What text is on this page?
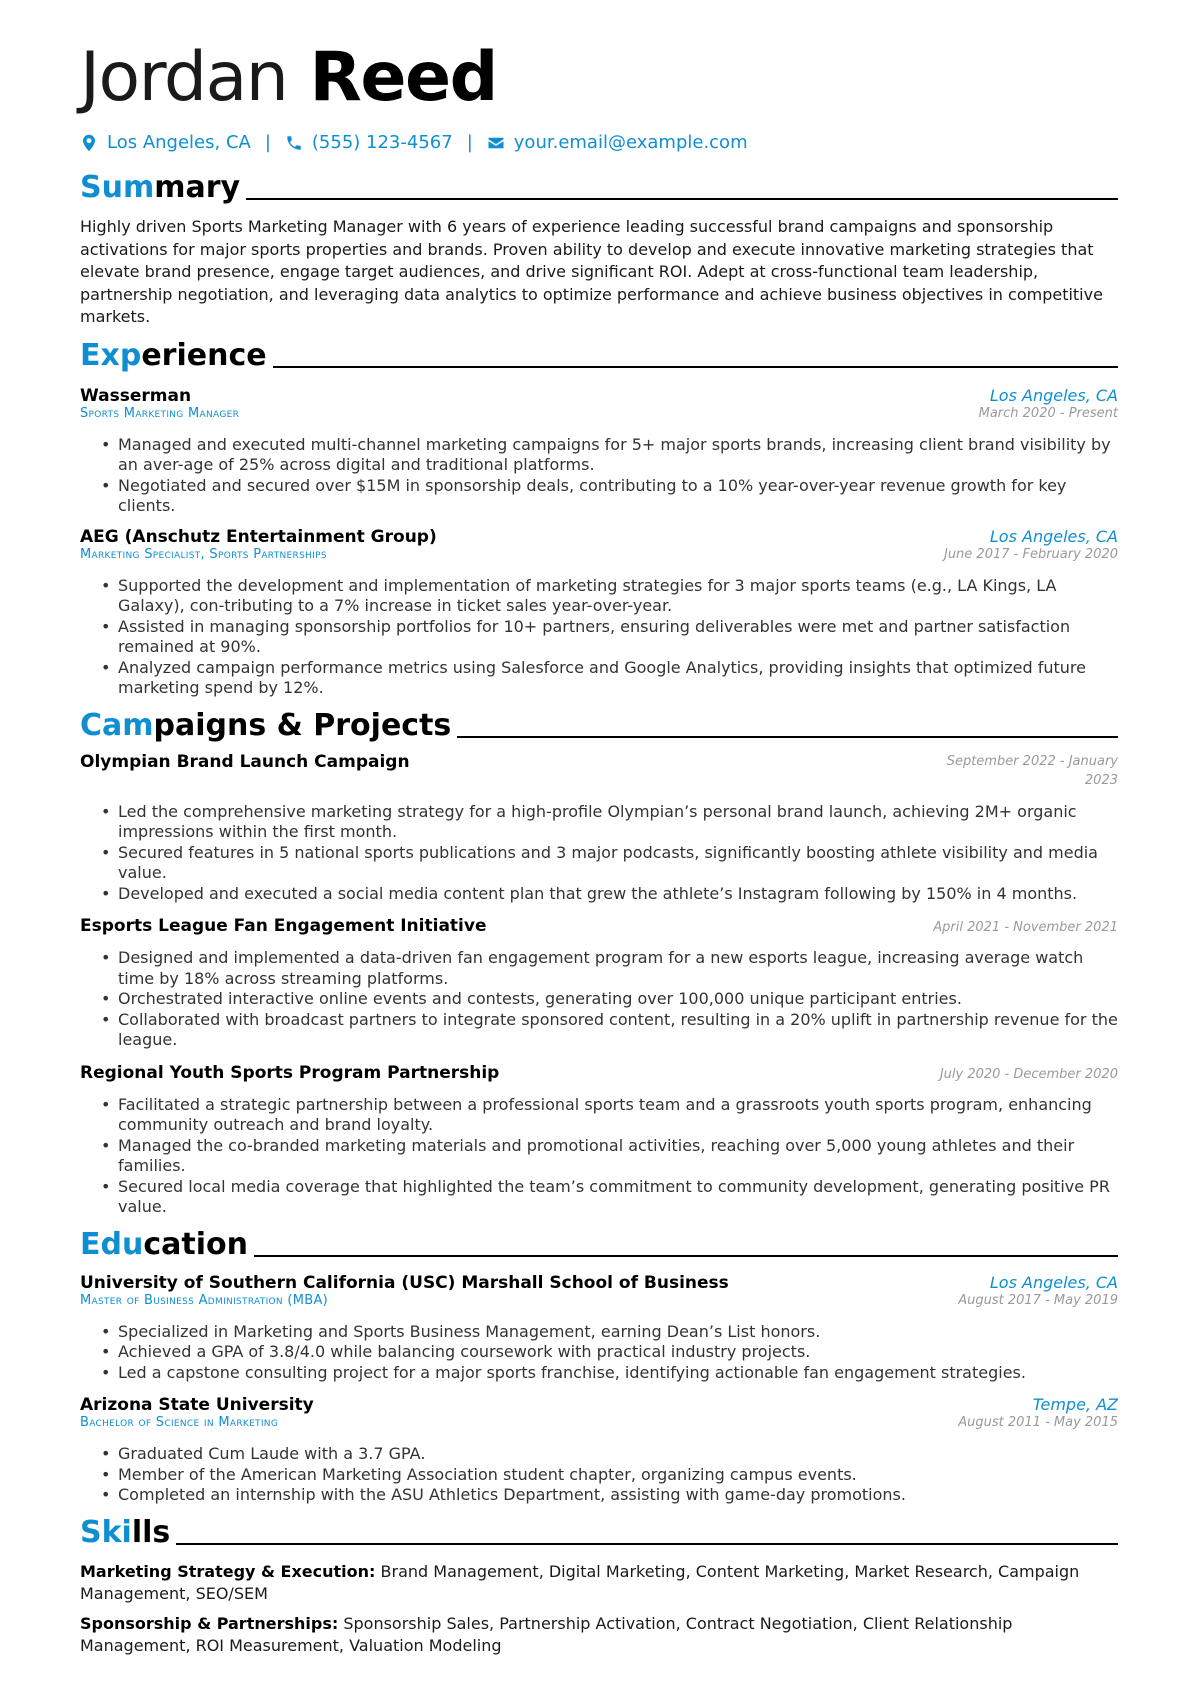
Jordan Reed
Los Angeles, CA | (555) 123-4567 | your.email@example.com
Summary
Highly driven Sports Marketing Manager with 6 years of experience leading successful brand campaigns and sponsorship activations for major sports properties and brands. Proven ability to develop and execute innovative marketing strategies that elevate brand presence, engage target audiences, and drive significant ROI. Adept at cross-functional team leadership, partnership negotiation, and leveraging data analytics to optimize performance and achieve business objectives in competitive markets.
Experience
Wasserman	Los Angeles, CA
Sports Marketing Manager	March 2020 - Present
• Managed and executed multi-channel marketing campaigns for 5+ major sports brands, increasing client brand visibility by an aver-age of 25% across digital and traditional platforms.
• Negotiated and secured over $15M in sponsorship deals, contributing to a 10% year-over-year revenue growth for key clients.
AEG (Anschutz Entertainment Group)	Los Angeles, CA
Marketing Specialist, Sports Partnerships	June 2017 - February 2020
• Supported the development and implementation of marketing strategies for 3 major sports teams (e.g., LA Kings, LA Galaxy), con-tributing to a 7% increase in ticket sales year-over-year.
• Assisted in managing sponsorship portfolios for 10+ partners, ensuring deliverables were met and partner satisfaction remained at 90%.
• Analyzed campaign performance metrics using Salesforce and Google Analytics, providing insights that optimized future marketing spend by 12%.
Campaigns & Projects
Olympian Brand Launch Campaign	September 2022 - January 2023
• Led the comprehensive marketing strategy for a high-profile Olympian’s personal brand launch, achieving 2M+ organic impressions within the first month.
• Secured features in 5 national sports publications and 3 major podcasts, significantly boosting athlete visibility and media value.
• Developed and executed a social media content plan that grew the athlete’s Instagram following by 150% in 4 months.
Esports League Fan Engagement Initiative	April 2021 - November 2021
• Designed and implemented a data-driven fan engagement program for a new esports league, increasing average watch time by 18% across streaming platforms.
• Orchestrated interactive online events and contests, generating over 100,000 unique participant entries.
• Collaborated with broadcast partners to integrate sponsored content, resulting in a 20% uplift in partnership revenue for the league.
Regional Youth Sports Program Partnership	July 2020 - December 2020
• Facilitated a strategic partnership between a professional sports team and a grassroots youth sports program, enhancing community outreach and brand loyalty.
• Managed the co-branded marketing materials and promotional activities, reaching over 5,000 young athletes and their families.
• Secured local media coverage that highlighted the team’s commitment to community development, generating positive PR value.
Education
University of Southern California (USC) Marshall School of Business	Los Angeles, CA
Master of Business Administration (MBA)	August 2017 - May 2019
• Specialized in Marketing and Sports Business Management, earning Dean’s List honors.
• Achieved a GPA of 3.8/4.0 while balancing coursework with practical industry projects.
• Led a capstone consulting project for a major sports franchise, identifying actionable fan engagement strategies.
Arizona State University	Tempe, AZ
Bachelor of Science in Marketing	August 2011 - May 2015
• Graduated Cum Laude with a 3.7 GPA.
• Member of the American Marketing Association student chapter, organizing campus events.
• Completed an internship with the ASU Athletics Department, assisting with game-day promotions.
Skills

Marketing Strategy & Execution: Brand Management, Digital Marketing, Content Marketing, Market Research, Campaign Management, SEO/SEM

Sponsorship & Partnerships: Sponsorship Sales, Partnership Activation, Contract Negotiation, Client Relationship Management, ROI Measurement, Valuation Modeling
